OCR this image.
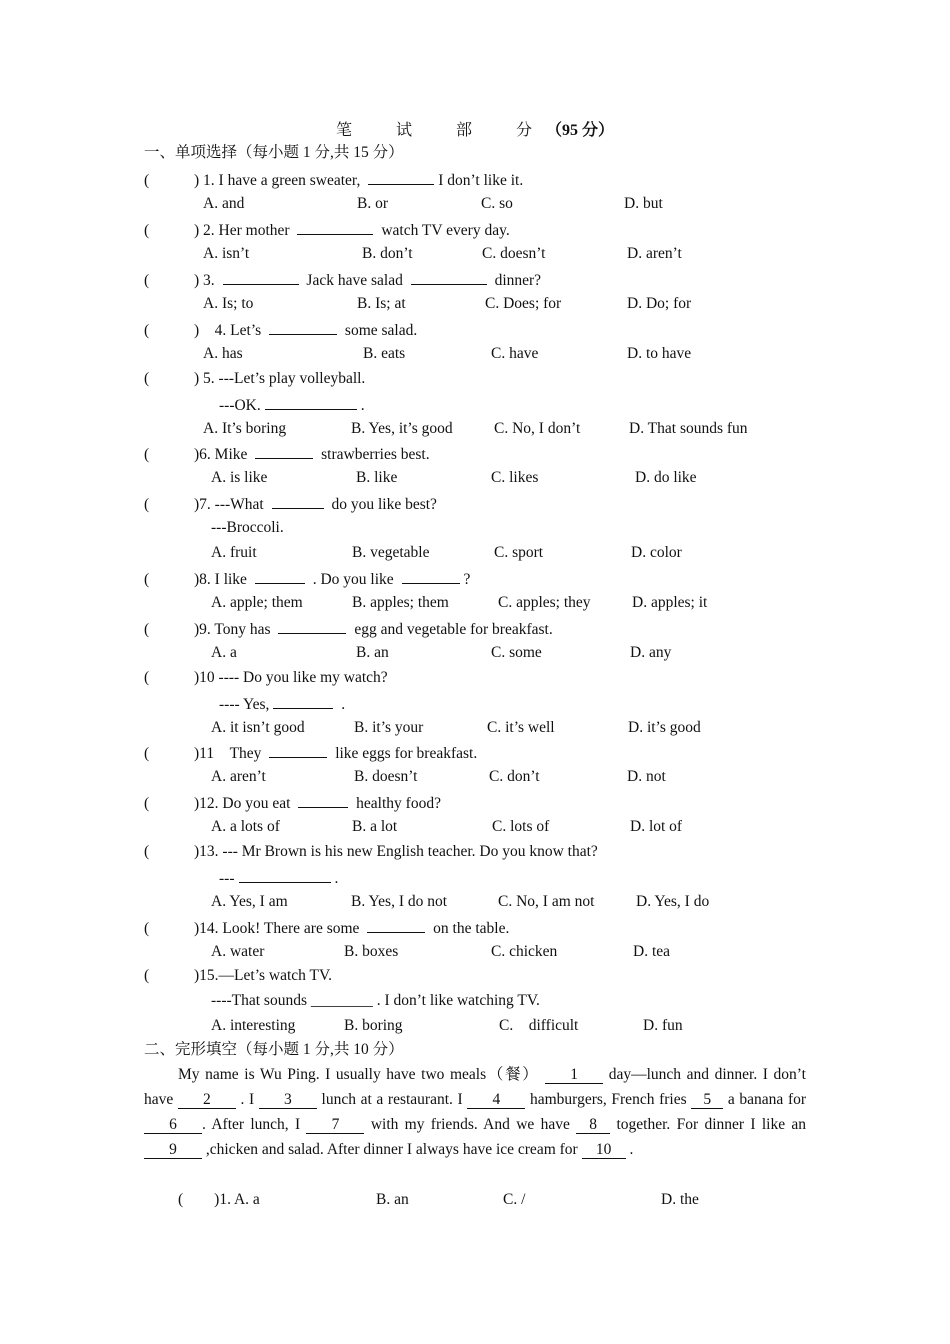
笔　试　部　分（95 分）
一、单项选择（每小题 1 分,共 15 分）
(	) 1. I have a green sweater,	I don’t like it.
A. and	B. or	C. so	D. but
(	) 2. Her mother	watch TV every day.
A. isn’t	B. don’t	C. doesn’t	D. aren’t
(	) 3.	Jack have salad	dinner?
A. Is; to	B. Is; at	C. Does; for	D. Do; for
(	)　4. Let’s	some salad.
A. has	B. eats	C. have	D. to have
(	) 5. ---Let’s play volleyball.
---OK.	.
A. It’s boring	B. Yes, it’s good	C. No, I don’t	D. That sounds fun
(	)6. Mike	strawberries best.
A. is like	B. like	C. likes	D. do like
(	)7. ---What	do you like best?
---Broccoli.
A. fruit	B. vegetable	C. sport	D. color
(	)8. I like	. Do you like	?
A. apple; them	B. apples; them	C. apples; they	D. apples; it
(	)9. Tony has	egg and vegetable for breakfast.
A. a	B. an	C. some	D. any
(	)10 ---- Do you like my watch?
---- Yes,	.
A. it isn’t good	B. it’s your	C. it’s well	D. it’s good
(	)11　They	like eggs for breakfast.
A. aren’t	B. doesn’t	C. don’t	D. not
(	)12. Do you eat	healthy food?
A. a lots of	B. a lot	C. lots of	D. lot of
(	)13. --- Mr Brown is his new English teacher. Do you know that?
---	.
A. Yes, I am	B. Yes, I do not	C. No, I am not	D. Yes, I do
(	)14. Look! There are some	on the table.
A. water	B. boxes	C. chicken	D. tea
(	)15.—Let’s watch TV.
----That sounds ________ . I don’t like watching TV.
A. interesting	B. boring	C.　difficult	D. fun
二、完形填空（每小题 1 分,共 10 分）
My name is Wu Ping. I usually have two meals（餐） 1 day—lunch and dinner. I don’t have 2 . I 3 lunch at a restaurant. I 4 hamburgers, French fries 5 a banana for 6 . After lunch, I 7 with my friends. And we have 8 together. For dinner I like an 9 ,chicken and salad. After dinner I always have ice cream for 10 .
(　　)1. A. a	B. an	C. /	D. the
